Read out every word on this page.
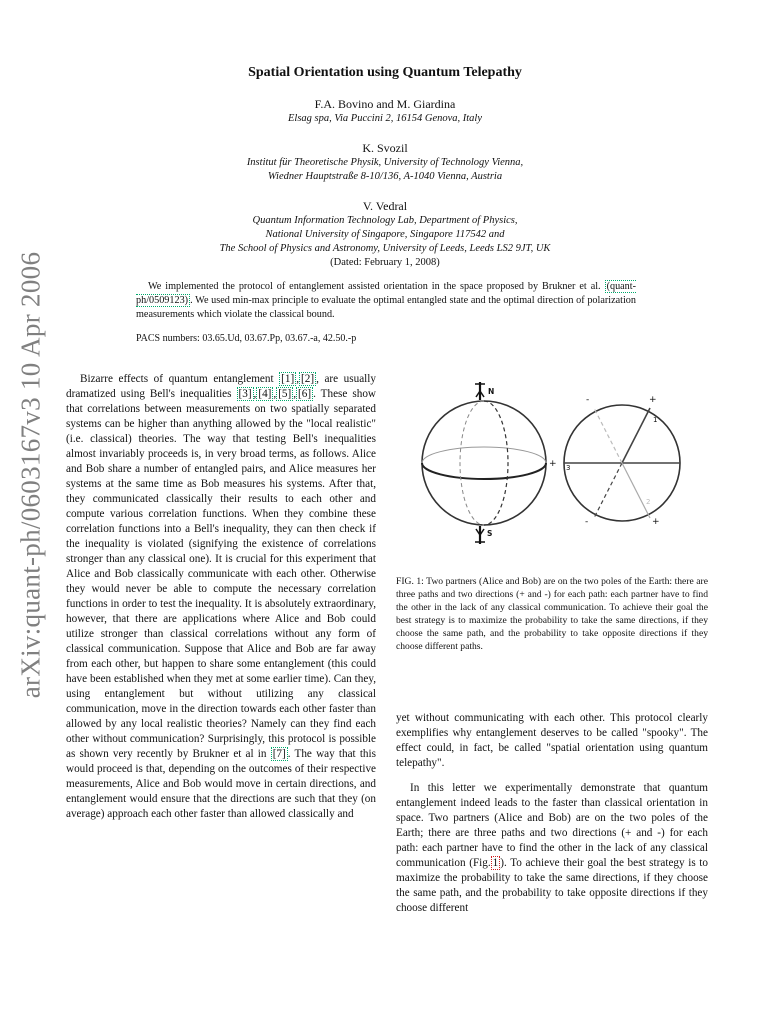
arXiv:quant-ph/0603167v3 10 Apr 2006
Spatial Orientation using Quantum Telepathy

F.A. Bovino and M. Giardina

Elsag spa, Via Puccini 2, 16154 Genova, Italy

K. Svozil

Institut für Theoretische Physik, University of Technology Vienna,

Wiedner Hauptstraße 8-10/136, A-1040 Vienna, Austria

V. Vedral

Quantum Information Technology Lab, Department of Physics,

National University of Singapore, Singapore 117542 and

The School of Physics and Astronomy, University of Leeds, Leeds LS2 9JT, UK

(Dated: February 1, 2008)

We implemented the protocol of entanglement assisted orientation in the space proposed by Brukner et al. (quant-ph/0509123) . We used min-max principle to evaluate the optimal entangled state and the optimal direction of polarization measurements which violate the classical bound.

PACS numbers: 03.65.Ud, 03.67.Pp, 03.67.-a, 42.50.-p

Bizarre effects of quantum entanglement [1] , [2] , are usually dramatized using Bell's inequalities [3] , [4] , [5] , [6] . These show that correlations between measurements on two spatially separated systems can be higher than anything allowed by the "local realistic" (i.e. classical) theories. The way that testing Bell's inequalities almost invariably proceeds is, in very broad terms, as follows. Alice and Bob share a number of entangled pairs, and Alice measures her systems at the same time as Bob measures his systems. After that, they communicated classically their results to each other and compute various correlation functions. When they combine these correlation functions into a Bell's inequality, they can then check if the inequality is violated (signifying the existence of correlations stronger than any classical one). It is crucial for this experiment that Alice and Bob classically communicate with each other. Otherwise they would never be able to compute the necessary correlation functions in order to test the inequality. It is absolutely extraordinary, however, that there are applications where Alice and Bob could utilize stronger than classical correlations without any form of classical communication. Suppose that Alice and Bob are far away from each other, but happen to share some entanglement (this could have been established when they met at some earlier time). Can they, using entanglement but without utilizing any classical communication, move in the direction towards each other faster than allowed by any local realistic theories? Namely can they find each other without communication? Surprisingly, this protocol is possible as shown very recently by Brukner et al in [7] . The way that this would proceed is that, depending on the outcomes of their respective measurements, Alice and Bob would move in certain directions, and entanglement would ensure that the directions are such that they (on average) approach each other faster than allowed classically and

N
S
+ 3
+
1
-
2
-	+
FIG. 1: Two partners (Alice and Bob) are on the two poles of the Earth: there are three paths and two directions (+ and -) for each path: each partner have to find the other in the lack of any classical communication. To achieve their goal the best strategy is to maximize the probability to take the same directions, if they choose the same path, and the probability to take opposite directions if they choose different paths.

yet without communicating with each other. This protocol clearly exemplifies why entanglement deserves to be called "spooky". The effect could, in fact, be called "spatial orientation using quantum telepathy".

In this letter we experimentally demonstrate that quantum entanglement indeed leads to the faster than classical orientation in space. Two partners (Alice and Bob) are on the two poles of the Earth; there are three paths and two directions (+ and -) for each path: each partner have to find the other in the lack of any classical communication (Fig. 1 ). To achieve their goal the best strategy is to maximize the probability to take the same directions, if they choose the same path, and the probability to take opposite directions if they choose different
